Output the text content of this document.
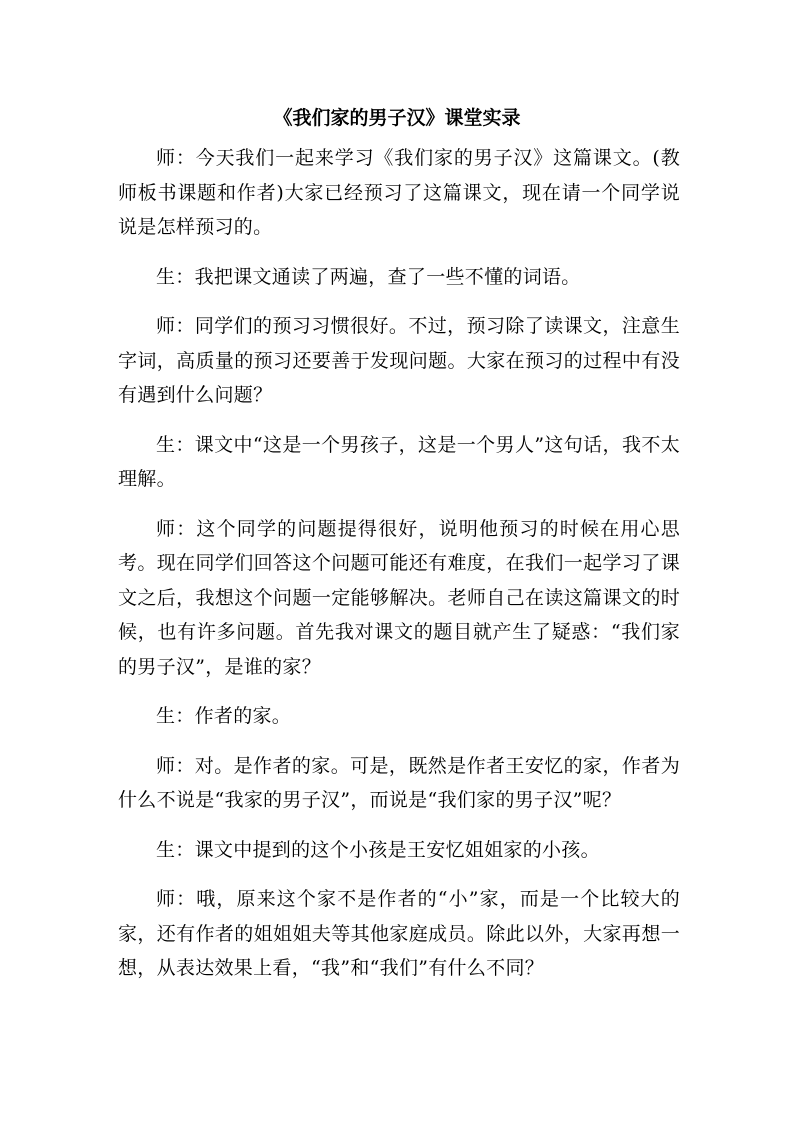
《我们家的男子汉》课堂实录

师：今天我们一起来学习《我们家的男子汉》这篇课文。(教师板书课题和作者)大家已经预习了这篇课文，现在请一个同学说说是怎样预习的。

生：我把课文通读了两遍，查了一些不懂的词语。

师：同学们的预习习惯很好。不过，预习除了读课文，注意生字词，高质量的预习还要善于发现问题。大家在预习的过程中有没有遇到什么问题？

生：课文中“这是一个男孩子，这是一个男人”这句话，我不太理解。

师：这个同学的问题提得很好，说明他预习的时候在用心思考。现在同学们回答这个问题可能还有难度，在我们一起学习了课文之后，我想这个问题一定能够解决。老师自己在读这篇课文的时候，也有许多问题。首先我对课文的题目就产生了疑惑：“我们家的男子汉”，是谁的家？

生：作者的家。

师：对。是作者的家。可是，既然是作者王安忆的家，作者为什么不说是“我家的男子汉”，而说是“我们家的男子汉”呢？

生：课文中提到的这个小孩是王安忆姐姐家的小孩。

师：哦，原来这个家不是作者的“小”家，而是一个比较大的家，还有作者的姐姐姐夫等其他家庭成员。除此以外，大家再想一想，从表达效果上看，“我”和“我们”有什么不同？
